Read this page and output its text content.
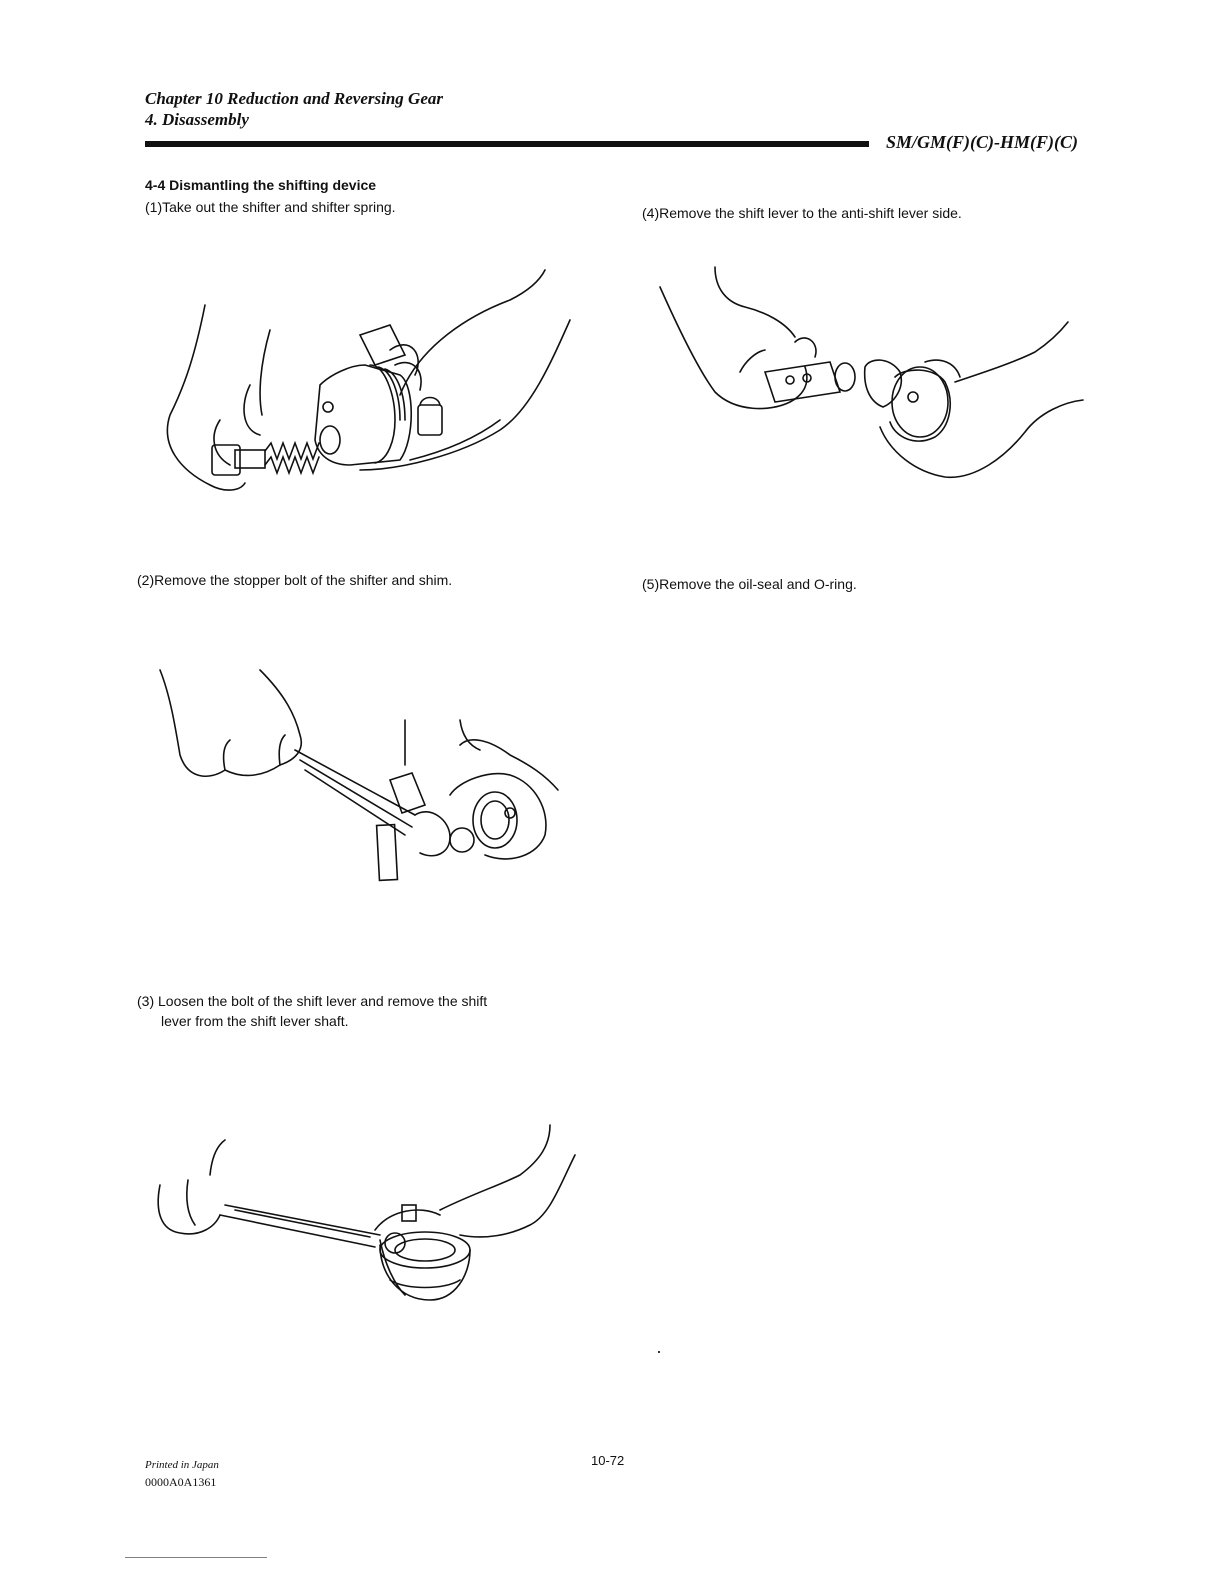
Chapter 10 Reduction and Reversing Gear
4. Disassembly
SM/GM(F)(C)-HM(F)(C)
4-4 Dismantling the shifting device
(1)Take out the shifter and shifter spring.
(2)Remove the stopper bolt of the shifter and shim.
(3) Loosen the bolt of the shift lever and remove the shift
lever from the shift lever shaft.
(4)Remove the shift lever to the anti-shift lever side.
(5)Remove the oil-seal and O-ring.
Printed in Japan
0000A0A1361
10-72
